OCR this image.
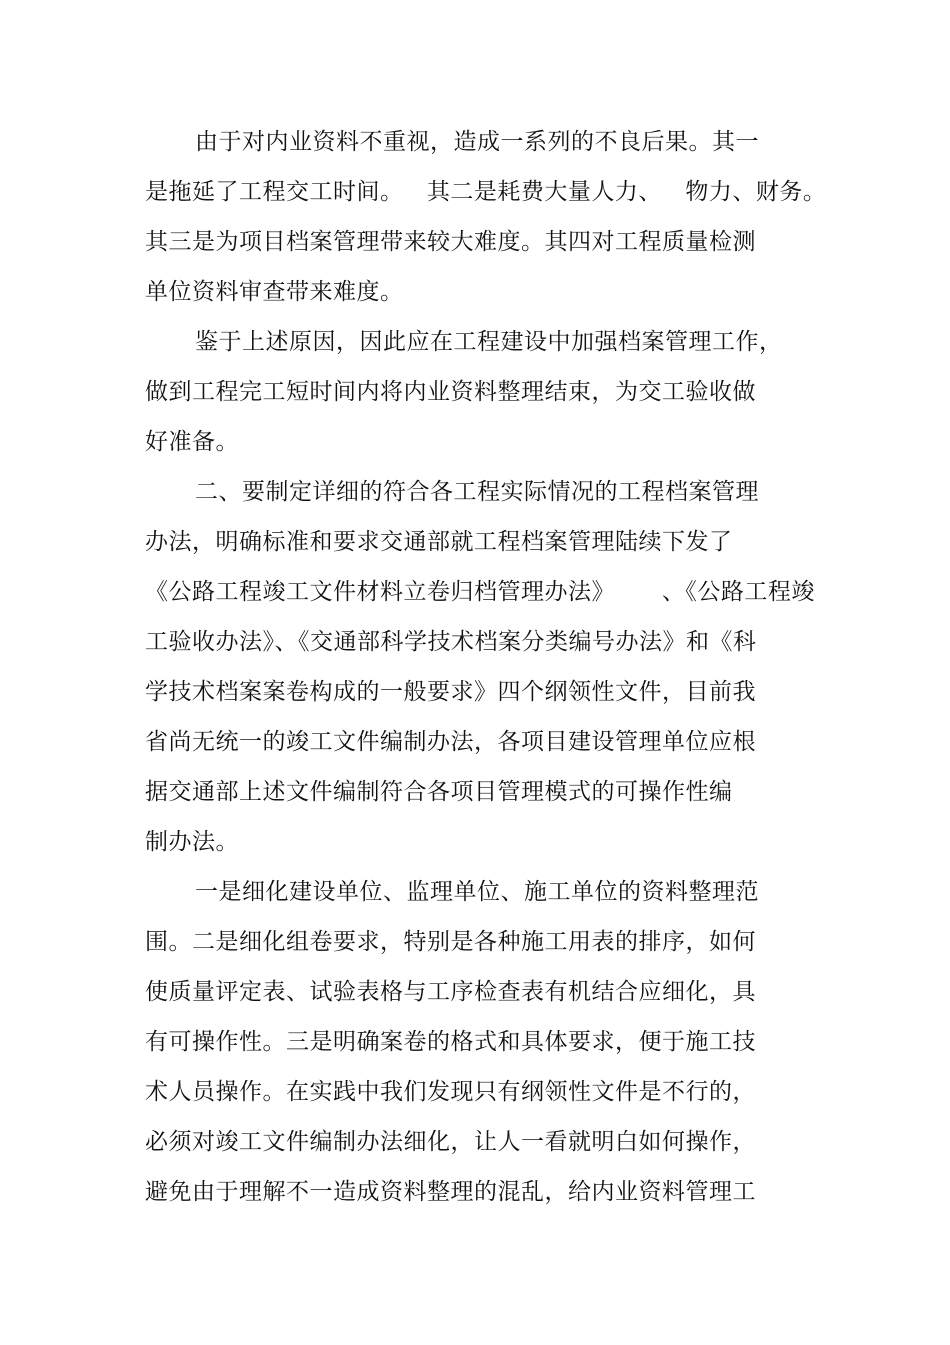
由于对内业资料不重视，造成一系列的不良后果。其一

是拖延了工程交工时间。   其二是耗费大量人力、   物力、财务。

其三是为项目档案管理带来较大难度。其四对工程质量检测

单位资料审查带来难度。

鉴于上述原因，因此应在工程建设中加强档案管理工作，

做到工程完工短时间内将内业资料整理结束，为交工验收做

好准备。

二、要制定详细的符合各工程实际情况的工程档案管理

办法，明确标准和要求交通部就工程档案管理陆续下发了

《公路工程竣工文件材料立卷归档管理办法》      、《公路工程竣

工验收办法》、《交通部科学技术档案分类编号办法》和《科

学技术档案案卷构成的一般要求》四个纲领性文件，目前我

省尚无统一的竣工文件编制办法，各项目建设管理单位应根

据交通部上述文件编制符合各项目管理模式的可操作性编

制办法。

一是细化建设单位、监理单位、施工单位的资料整理范

围。二是细化组卷要求，特别是各种施工用表的排序，如何

使质量评定表、试验表格与工序检查表有机结合应细化，具

有可操作性。三是明确案卷的格式和具体要求，便于施工技

术人员操作。在实践中我们发现只有纲领性文件是不行的，

必须对竣工文件编制办法细化，让人一看就明白如何操作，

避免由于理解不一造成资料整理的混乱，给内业资料管理工
